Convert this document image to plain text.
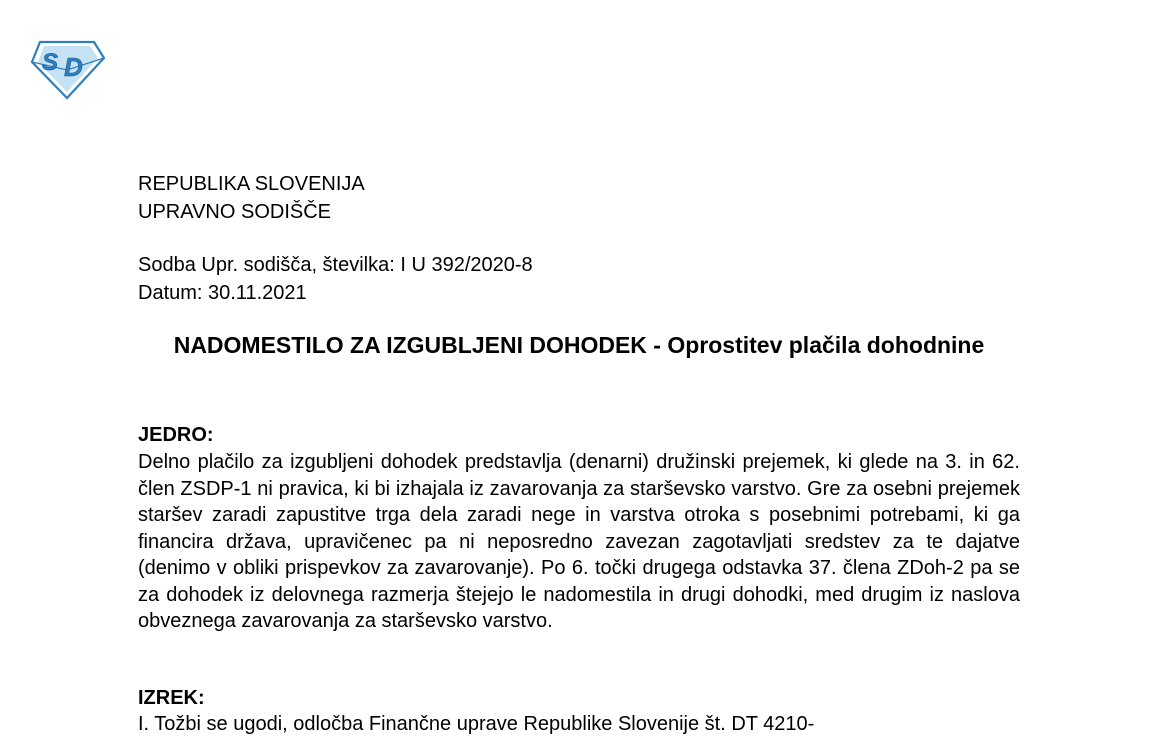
S D
REPUBLIKA SLOVENIJA
UPRAVNO SODIŠČE
Sodba Upr. sodišča, številka: I U 392/2020-8
Datum: 30.11.2021
NADOMESTILO ZA IZGUBLJENI DOHODEK - Oprostitev plačila dohodnine
JEDRO:

Delno plačilo za izgubljeni dohodek predstavlja (denarni) družinski prejemek, ki glede na 3. in 62. člen ZSDP-1 ni pravica, ki bi izhajala iz zavarovanja za starševsko varstvo. Gre za osebni prejemek staršev zaradi zapustitve trga dela zaradi nege in varstva otroka s posebnimi potrebami, ki ga financira država, upravičenec pa ni neposredno zavezan zagotavljati sredstev za te dajatve (denimo v obliki prispevkov za zavarovanje). Po 6. točki drugega odstavka 37. člena ZDoh-2 pa se za dohodek iz delovnega razmerja štejejo le nadomestila in drugi dohodki, med drugim iz naslova obveznega zavarovanja za starševsko varstvo.

IZREK:

I. Tožbi se ugodi, odločba Finančne uprave Republike Slovenije št. DT 4210-
